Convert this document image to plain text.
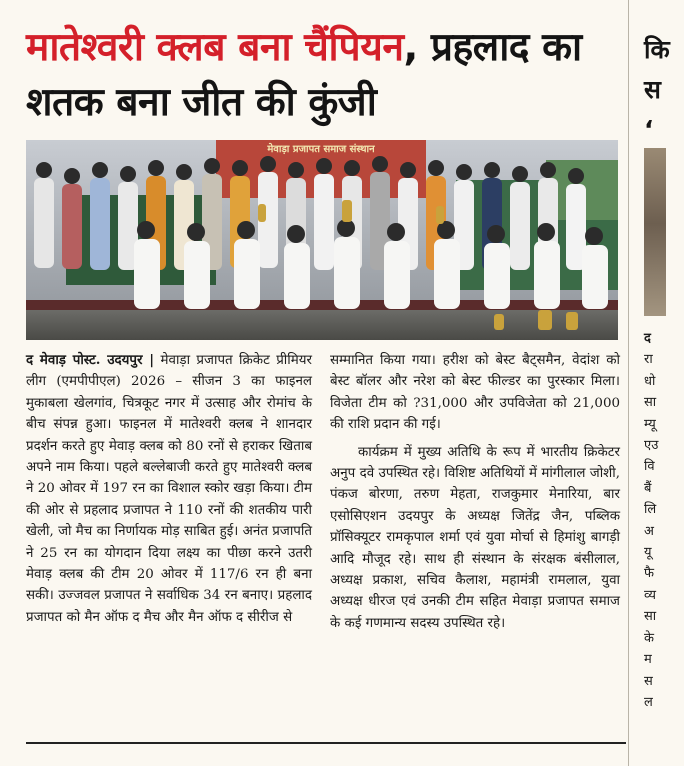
मातेश्वरी क्लब बना चैंपियन, प्रहलाद का शतक बना जीत की कुंजी
मेवाड़ा प्रजापत समाज संस्थान

द मेवाड़ पोस्ट. उदयपुर | मेवाड़ा प्रजापत क्रिकेट प्रीमियर लीग (एमपीपीएल) 2026 – सीजन 3 का फाइनल मुकाबला खेलगांव, चित्रकूट नगर में उत्साह और रोमांच के बीच संपन्न हुआ। फाइनल में मातेश्वरी क्लब ने शानदार प्रदर्शन करते हुए मेवाड़ क्लब को 80 रनों से हराकर खिताब अपने नाम किया। पहले बल्लेबाजी करते हुए मातेश्वरी क्लब ने 20 ओवर में 197 रन का विशाल स्कोर खड़ा किया। टीम की ओर से प्रहलाद प्रजापत ने 110 रनों की शतकीय पारी खेली, जो मैच का निर्णायक मोड़ साबित हुई। अनंत प्रजापति ने 25 रन का योगदान दिया लक्ष्य का पीछा करने उतरी मेवाड़ क्लब की टीम 20 ओवर में 117/6 रन ही बना सकी। उज्जवल प्रजापत ने सर्वाधिक 34 रन बनाए। प्रहलाद प्रजापत को मैन ऑफ द मैच और मैन ऑफ द सीरीज से

सम्मानित किया गया। हरीश को बेस्ट बैट्समैन, वेदांश को बेस्ट बॉलर और नरेश को बेस्ट फील्डर का पुरस्कार मिला। विजेता टीम को ?31,000 और उपविजेता को 21,000 की राशि प्रदान की गई।

कार्यक्रम में मुख्य अतिथि के रूप में भारतीय क्रिकेटर अनुप दवे उपस्थित रहे। विशिष्ट अतिथियों में मांगीलाल जोशी, पंकज बोरणा, तरुण मेहता, राजकुमार मेनारिया, बार एसोसिएशन उदयपुर के अध्यक्ष जितेंद्र जैन, पब्लिक प्रॉसिक्यूटर रामकृपाल शर्मा एवं युवा मोर्चा से हिमांशु बागड़ी आदि मौजूद रहे। साथ ही संस्थान के संरक्षक बंसीलाल, अध्यक्ष प्रकाश, सचिव कैलाश, महामंत्री रामलाल, युवा अध्यक्ष धीरज एवं उनकी टीम सहित मेवाड़ा प्रजापत समाज के कई गणमान्य सदस्य उपस्थित रहे।

कि
स
‘
द
रा
धो
सा
म्यू
एउ
वि
बैं
लि
अ
यू
फै
व्य
सा
के
म
स
ल
